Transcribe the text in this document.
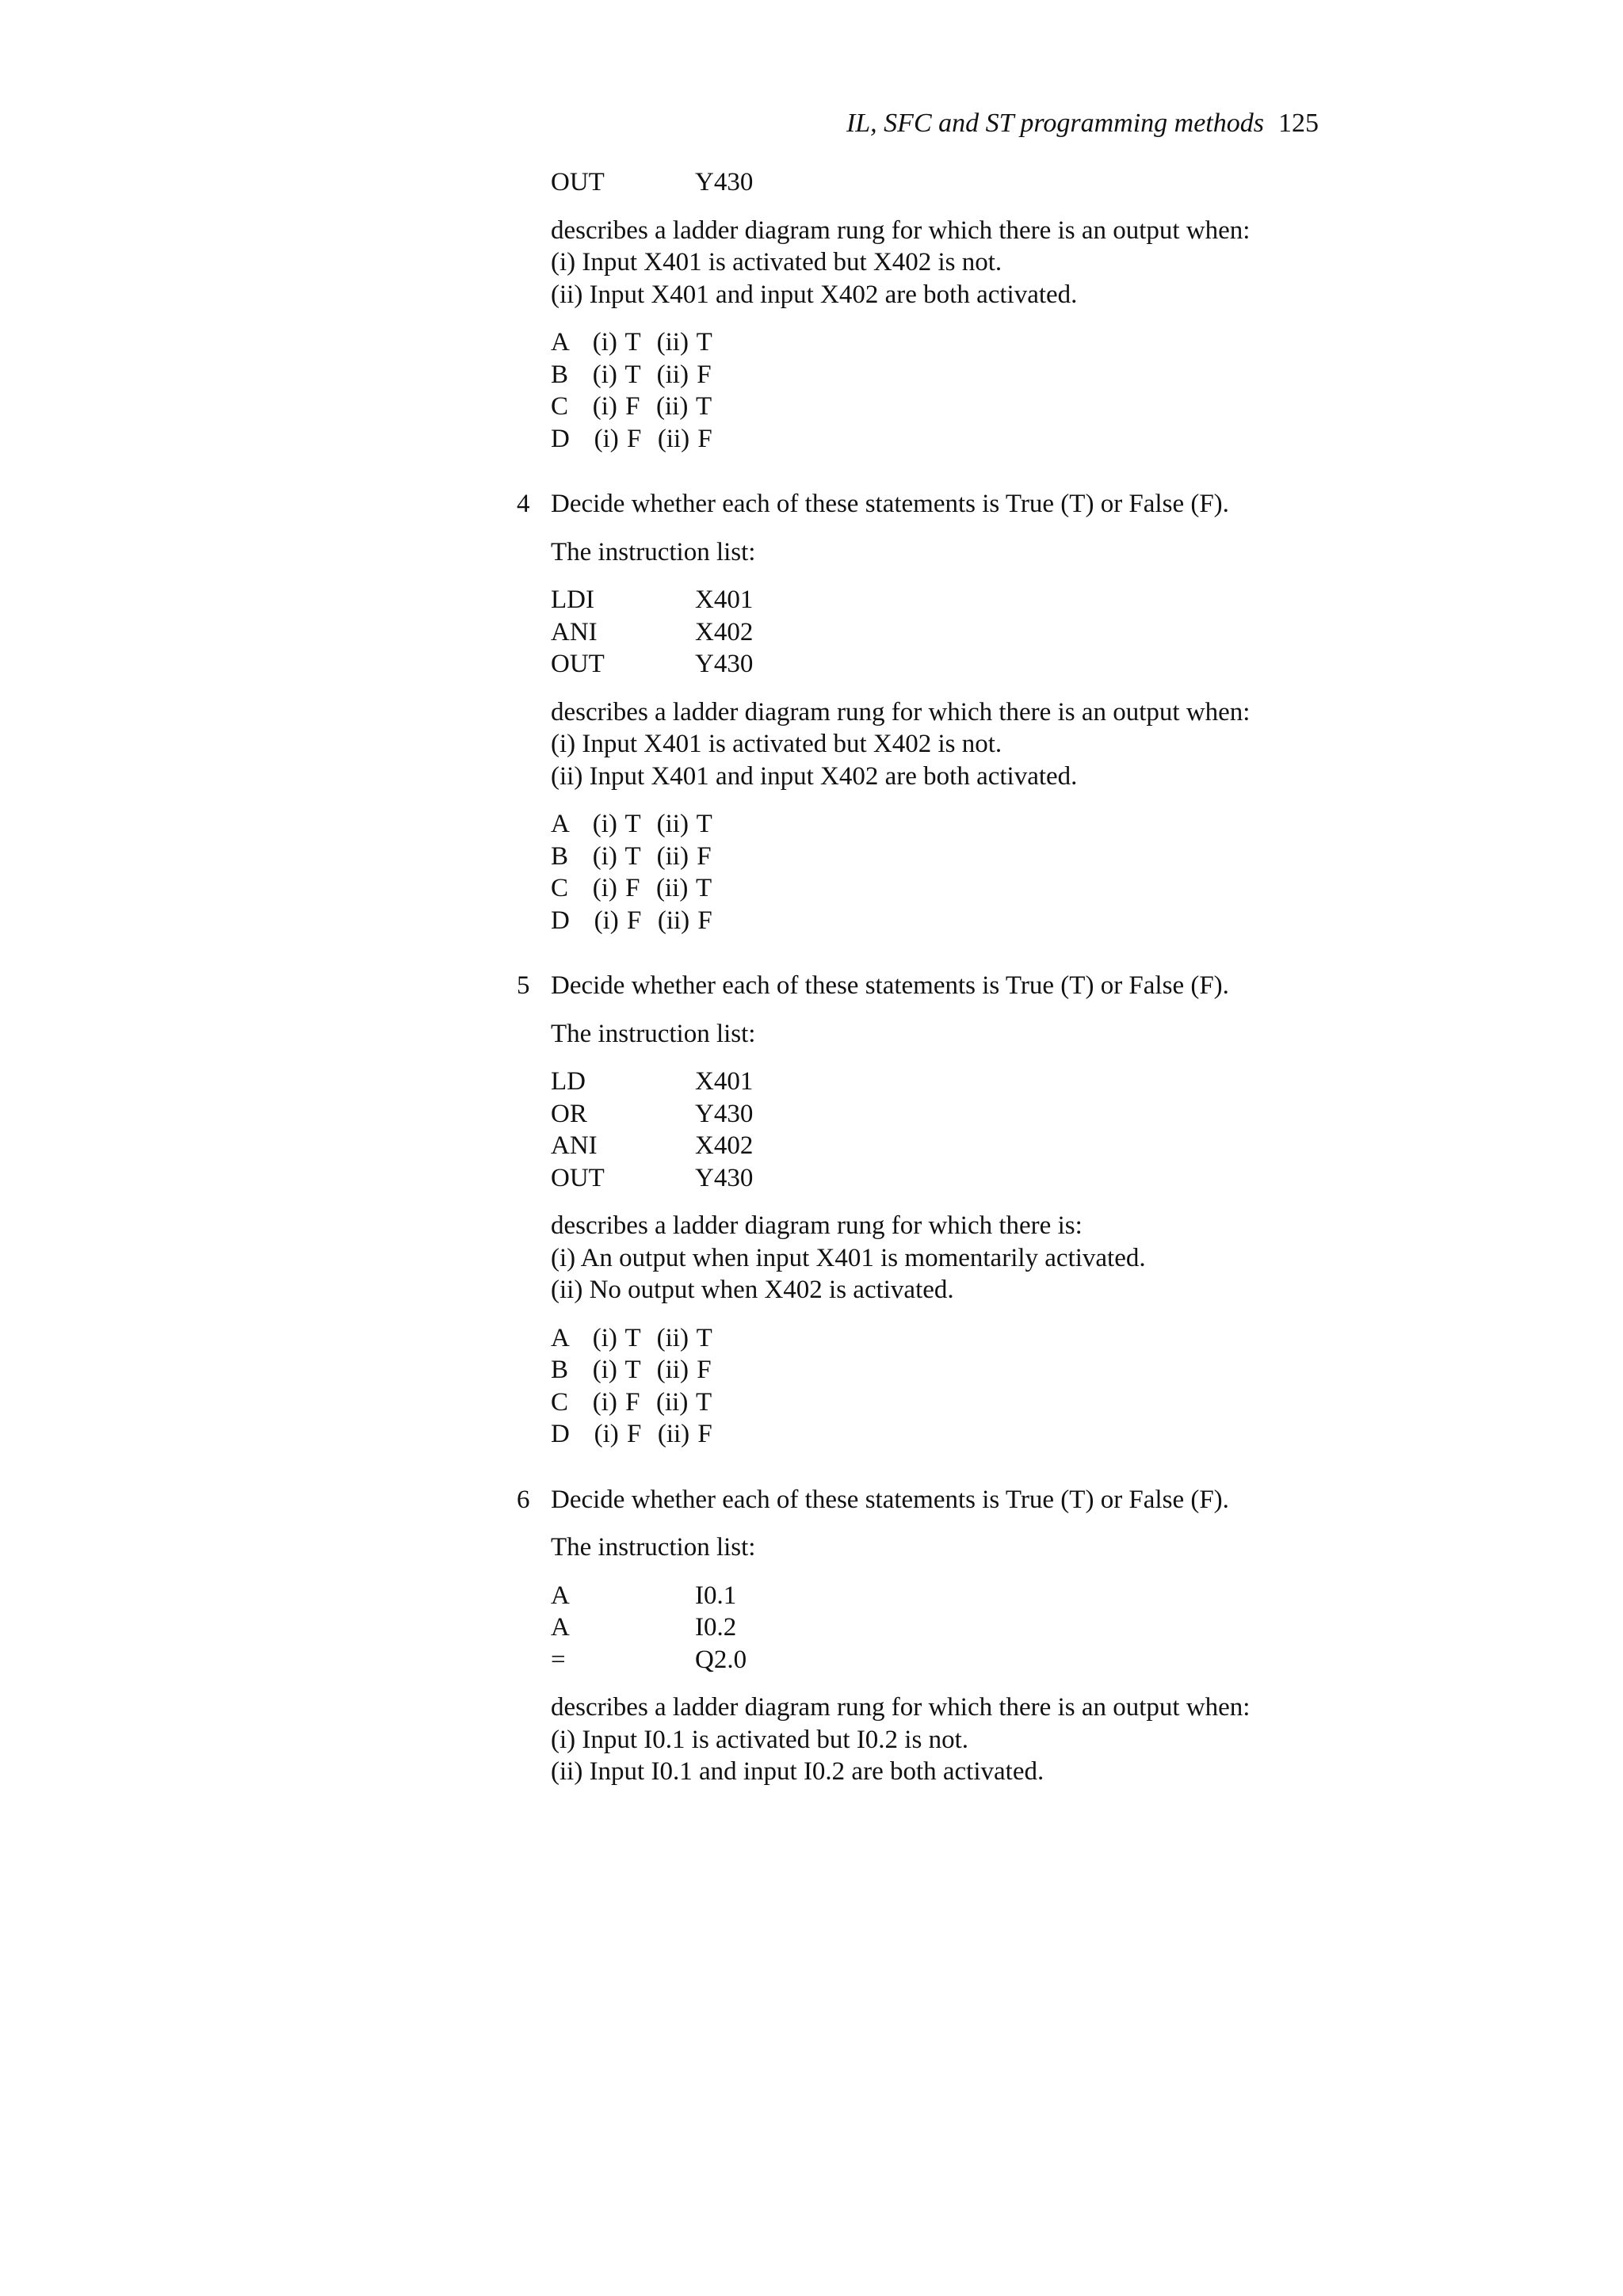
IL, SFC and ST programming methods 125
OUT	Y430
describes a ladder diagram rung for which there is an output when:
(i) Input X401 is activated but X402 is not.
(ii) Input X401 and input X402 are both activated.
A   (i) T  (ii) T
B   (i) T  (ii) F
C   (i) F  (ii) T
D   (i) F  (ii) F
4 Decide whether each of these statements is True (T) or False (F).
The instruction list:
LDI	X401
ANI	X402
OUT	Y430
describes a ladder diagram rung for which there is an output when:
(i) Input X401 is activated but X402 is not.
(ii) Input X401 and input X402 are both activated.
A   (i) T  (ii) T
B   (i) T  (ii) F
C   (i) F  (ii) T
D   (i) F  (ii) F
5 Decide whether each of these statements is True (T) or False (F).
The instruction list:
LD	X401
OR	Y430
ANI	X402
OUT	Y430
describes a ladder diagram rung for which there is:
(i) An output when input X401 is momentarily activated.
(ii) No output when X402 is activated.
A   (i) T  (ii) T
B   (i) T  (ii) F
C   (i) F  (ii) T
D   (i) F  (ii) F
6 Decide whether each of these statements is True (T) or False (F).
The instruction list:
A	I0.1
A	I0.2
=	Q2.0
describes a ladder diagram rung for which there is an output when:
(i) Input I0.1 is activated but I0.2 is not.
(ii) Input I0.1 and input I0.2 are both activated.
